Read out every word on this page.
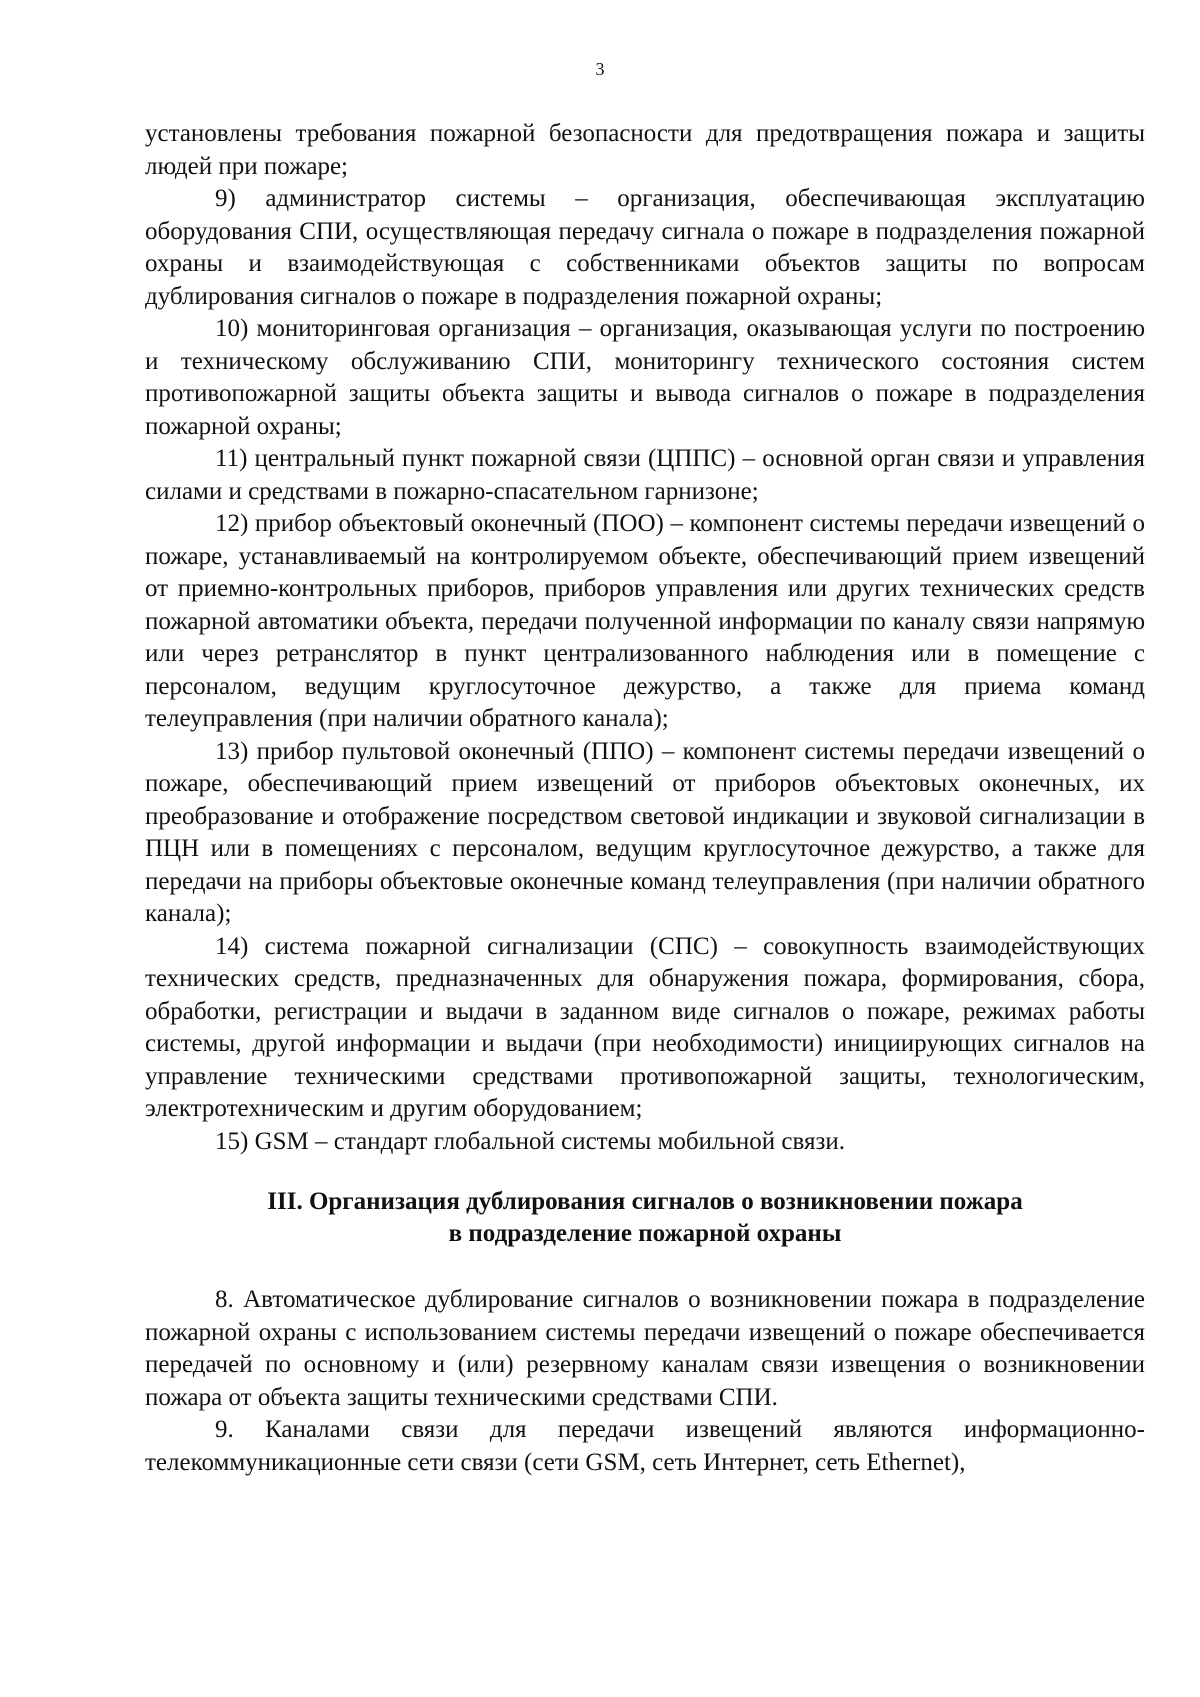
3

установлены требования пожарной безопасности для предотвращения пожара и защиты людей при пожаре;

9) администратор системы – организация, обеспечивающая эксплуатацию оборудования СПИ, осуществляющая передачу сигнала о пожаре в подразделения пожарной охраны и взаимодействующая с собственниками объектов защиты по вопросам дублирования сигналов о пожаре в подразделения пожарной охраны;

10) мониторинговая организация – организация, оказывающая услуги по построению и техническому обслуживанию СПИ, мониторингу технического состояния систем противопожарной защиты объекта защиты и вывода сигналов о пожаре в подразделения пожарной охраны;

11) центральный пункт пожарной связи (ЦППС) – основной орган связи и управления силами и средствами в пожарно-спасательном гарнизоне;

12) прибор объектовый оконечный (ПОО) – компонент системы передачи извещений о пожаре, устанавливаемый на контролируемом объекте, обеспечивающий прием извещений от приемно-контрольных приборов, приборов управления или других технических средств пожарной автоматики объекта, передачи полученной информации по каналу связи напрямую или через ретранслятор в пункт централизованного наблюдения или в помещение с персоналом, ведущим круглосуточное дежурство, а также для приема команд телеуправления (при наличии обратного канала);

13) прибор пультовой оконечный (ППО) – компонент системы передачи извещений о пожаре, обеспечивающий прием извещений от приборов объектовых оконечных, их преобразование и отображение посредством световой индикации и звуковой сигнализации в ПЦН или в помещениях с персоналом, ведущим круглосуточное дежурство, а также для передачи на приборы объектовые оконечные команд телеуправления (при наличии обратного канала);

14) система пожарной сигнализации (СПС) – совокупность взаимодействующих технических средств, предназначенных для обнаружения пожара, формирования, сбора, обработки, регистрации и выдачи в заданном виде сигналов о пожаре, режимах работы системы, другой информации и выдачи (при необходимости) инициирующих сигналов на управление техническими средствами противопожарной защиты, технологическим, электротехническим и другим оборудованием;

15) GSM – стандарт глобальной системы мобильной связи.

III. Организация дублирования сигналов о возникновении пожара
в подразделение пожарной охраны

8. Автоматическое дублирование сигналов о возникновении пожара в подразделение пожарной охраны с использованием системы передачи извещений о пожаре обеспечивается передачей по основному и (или) резервному каналам связи извещения о возникновении пожара от объекта защиты техническими средствами СПИ.

9. Каналами связи для передачи извещений являются информационно-телекоммуникационные сети связи (сети GSM, сеть Интернет, сеть Ethernet),
